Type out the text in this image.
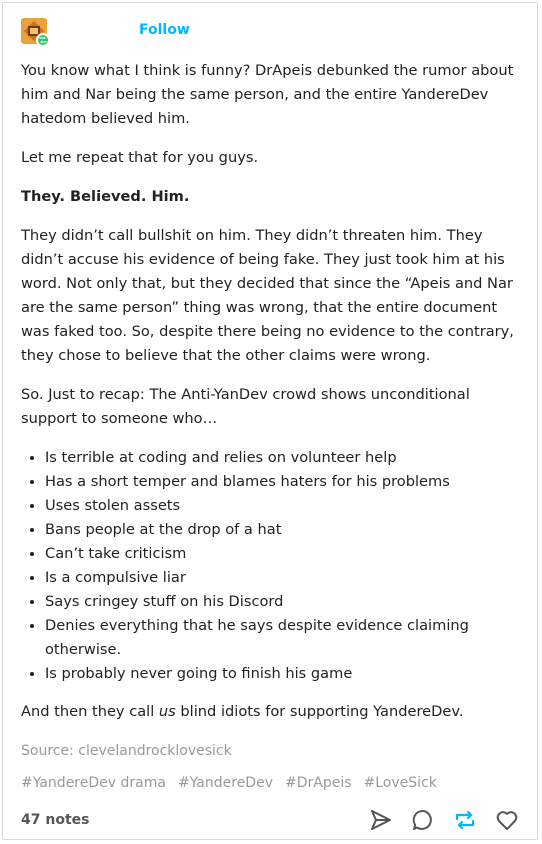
Follow

You know what I think is funny? DrApeis debunked the rumor about him and Nar being the same person, and the entire YandereDev hatedom believed him.

Let me repeat that for you guys.

They. Believed. Him.

They didn’t call bullshit on him. They didn’t threaten him. They didn’t accuse his evidence of being fake. They just took him at his word. Not only that, but they decided that since the “Apeis and Nar are the same person” thing was wrong, that the entire document was faked too. So, despite there being no evidence to the contrary, they chose to believe that the other claims were wrong.

So. Just to recap: The Anti-YanDev crowd shows unconditional support to someone who…

• Is terrible at coding and relies on volunteer help
• Has a short temper and blames haters for his problems
• Uses stolen assets
• Bans people at the drop of a hat
• Can’t take criticism
• Is a compulsive liar
• Says cringey stuff on his Discord
• Denies everything that he says despite evidence claiming otherwise.
• Is probably never going to finish his game

And then they call us blind idiots for supporting YandereDev.

Source: clevelandrocklovesick

#YandereDev drama #YandereDev #DrApeis #LoveSick
47 notes
